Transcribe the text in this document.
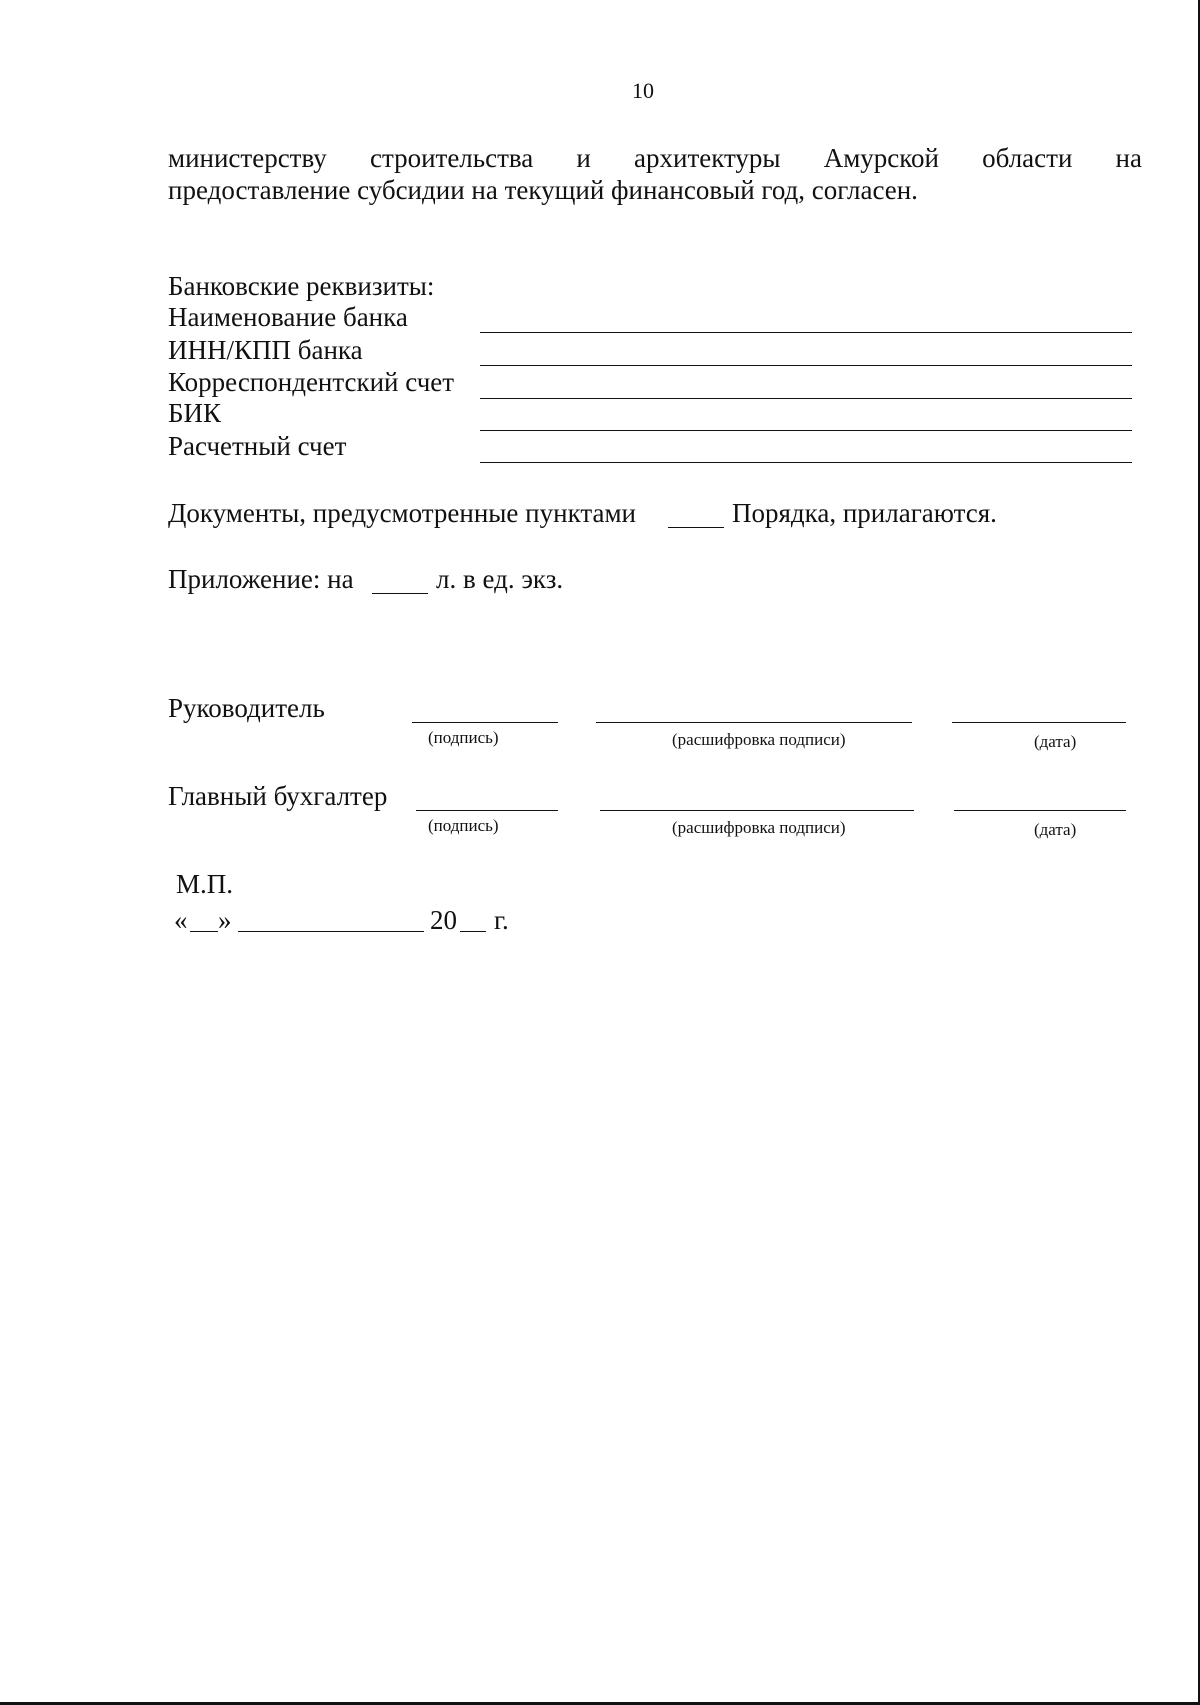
10
министерству строительства и архитектуры Амурской области на
предоставление субсидии на текущий финансовый год, согласен.
Банковские реквизиты:
Наименование банка
ИНН/КПП банка
Корреспондентский счет
БИК
Расчетный счет
Документы, предусмотренные пунктами	Порядка, прилагаются.
Приложение: на	л. в ед. экз.
Руководитель
(подпись)	(расшифровка подписи)	(дата)
Главный бухгалтер
(подпись)	(расшифровка подписи)	(дата)
М.П.
« »	20 г.
